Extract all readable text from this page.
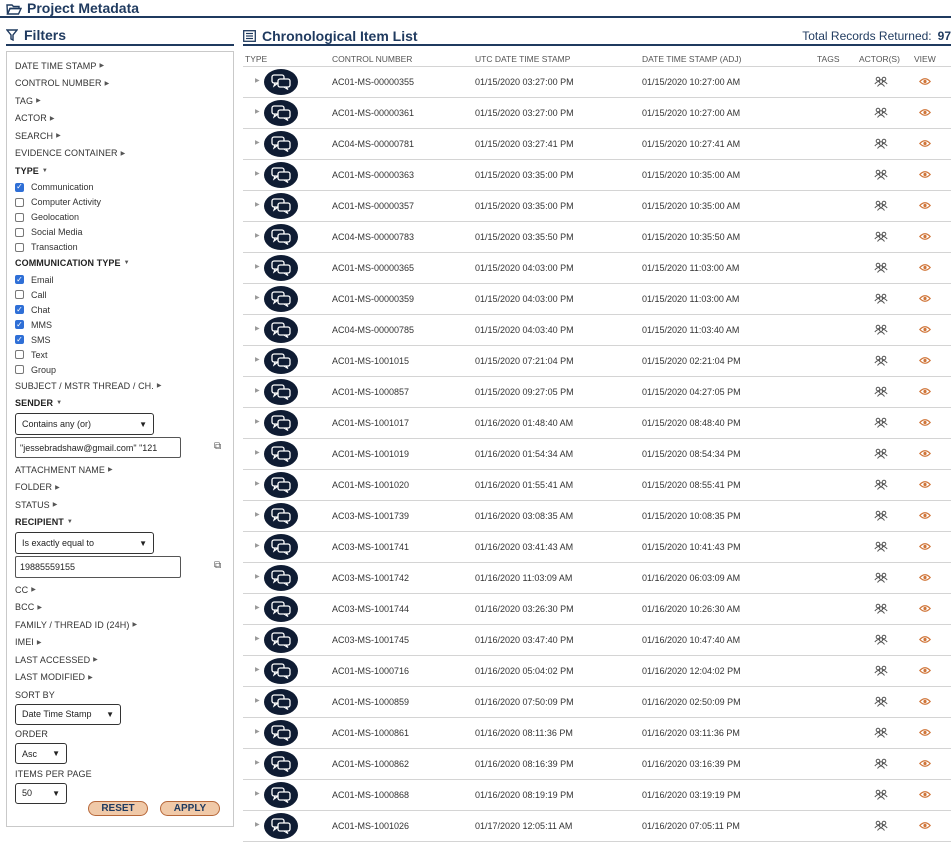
Project Metadata
Filters
DATE TIME STAMP ▶
CONTROL NUMBER ▶
TAG ▶
ACTOR ▶
SEARCH ▶
EVIDENCE CONTAINER ▶
TYPE ▼
✓ Communication
Computer Activity
Geolocation
Social Media
Transaction
COMMUNICATION TYPE ▼
✓ Email
Call
✓ Chat
✓ MMS
✓ SMS
Text
Group
SUBJECT / MSTR THREAD / CH. ▶
SENDER ▼
Contains any (or)	▼
"jessebradshaw@gmail.com" "121	⧉
ATTACHMENT NAME ▶
FOLDER ▶
STATUS ▶
RECIPIENT ▼
Is exactly equal to	▼
19885559155	⧉
CC ▶
BCC ▶
FAMILY / THREAD ID (24H) ▶
IMEI ▶
LAST ACCESSED ▶
LAST MODIFIED ▶
SORT BY
Date Time Stamp ▼
ORDER
Asc ▼
ITEMS PER PAGE
50	▼
RESET	APPLY
Chronological Item List	Total Records Returned: 97
TYPE	CONTROL NUMBER	UTC DATE TIME STAMP	DATE TIME STAMP (ADJ)	TAGS ACTOR(S) VIEW
▶	AC01-MS-00000355	01/15/2020 03:27:00 PM	01/15/2020 10:27:00 AM
▶	AC01-MS-00000361	01/15/2020 03:27:00 PM	01/15/2020 10:27:00 AM
▶	AC04-MS-00000781	01/15/2020 03:27:41 PM	01/15/2020 10:27:41 AM
▶	AC01-MS-00000363	01/15/2020 03:35:00 PM	01/15/2020 10:35:00 AM
▶	AC01-MS-00000357	01/15/2020 03:35:00 PM	01/15/2020 10:35:00 AM
▶	AC04-MS-00000783	01/15/2020 03:35:50 PM	01/15/2020 10:35:50 AM
▶	AC01-MS-00000365	01/15/2020 04:03:00 PM	01/15/2020 11:03:00 AM
▶	AC01-MS-00000359	01/15/2020 04:03:00 PM	01/15/2020 11:03:00 AM
▶	AC04-MS-00000785	01/15/2020 04:03:40 PM	01/15/2020 11:03:40 AM
▶	AC01-MS-1001015	01/15/2020 07:21:04 PM	01/15/2020 02:21:04 PM
▶	AC01-MS-1000857	01/15/2020 09:27:05 PM	01/15/2020 04:27:05 PM
▶	AC01-MS-1001017	01/16/2020 01:48:40 AM	01/15/2020 08:48:40 PM
▶	AC01-MS-1001019	01/16/2020 01:54:34 AM	01/15/2020 08:54:34 PM
▶	AC01-MS-1001020	01/16/2020 01:55:41 AM	01/15/2020 08:55:41 PM
▶	AC03-MS-1001739	01/16/2020 03:08:35 AM	01/15/2020 10:08:35 PM
▶	AC03-MS-1001741	01/16/2020 03:41:43 AM	01/15/2020 10:41:43 PM
▶	AC03-MS-1001742	01/16/2020 11:03:09 AM	01/16/2020 06:03:09 AM
▶	AC03-MS-1001744	01/16/2020 03:26:30 PM	01/16/2020 10:26:30 AM
▶	AC03-MS-1001745	01/16/2020 03:47:40 PM	01/16/2020 10:47:40 AM
▶	AC01-MS-1000716	01/16/2020 05:04:02 PM	01/16/2020 12:04:02 PM
▶	AC01-MS-1000859	01/16/2020 07:50:09 PM	01/16/2020 02:50:09 PM
▶	AC01-MS-1000861	01/16/2020 08:11:36 PM	01/16/2020 03:11:36 PM
▶	AC01-MS-1000862	01/16/2020 08:16:39 PM	01/16/2020 03:16:39 PM
▶	AC01-MS-1000868	01/16/2020 08:19:19 PM	01/16/2020 03:19:19 PM
▶	AC01-MS-1001026	01/17/2020 12:05:11 AM	01/16/2020 07:05:11 PM
